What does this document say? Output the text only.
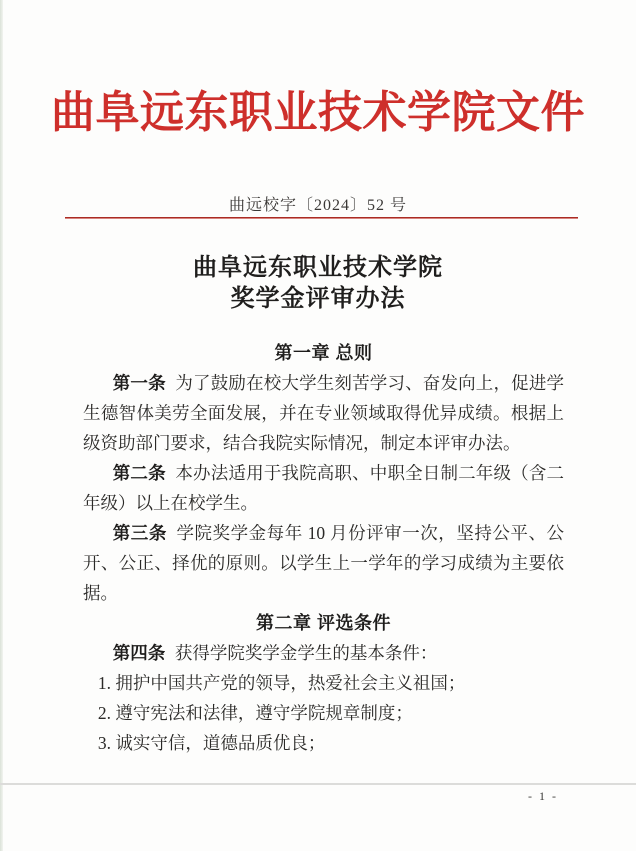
曲阜远东职业技术学院文件
曲远校字〔2024〕52 号
曲阜远东职业技术学院
奖学金评审办法

第一章 总则

第一条 为了鼓励在校大学生刻苦学习、奋发向上，促进学生德智体美劳全面发展，并在专业领域取得优异成绩。根据上级资助部门要求，结合我院实际情况，制定本评审办法。

第二条 本办法适用于我院高职、中职全日制二年级（含二年级）以上在校学生。

第三条 学院奖学金每年 10 月份评审一次，坚持公平、公开、公正、择优的原则。以学生上一学年的学习成绩为主要依据。

第二章 评选条件

第四条 获得学院奖学金学生的基本条件：

1. 拥护中国共产党的领导，热爱社会主义祖国；

2. 遵守宪法和法律，遵守学院规章制度；

3. 诚实守信，道德品质优良；

- 1 -
